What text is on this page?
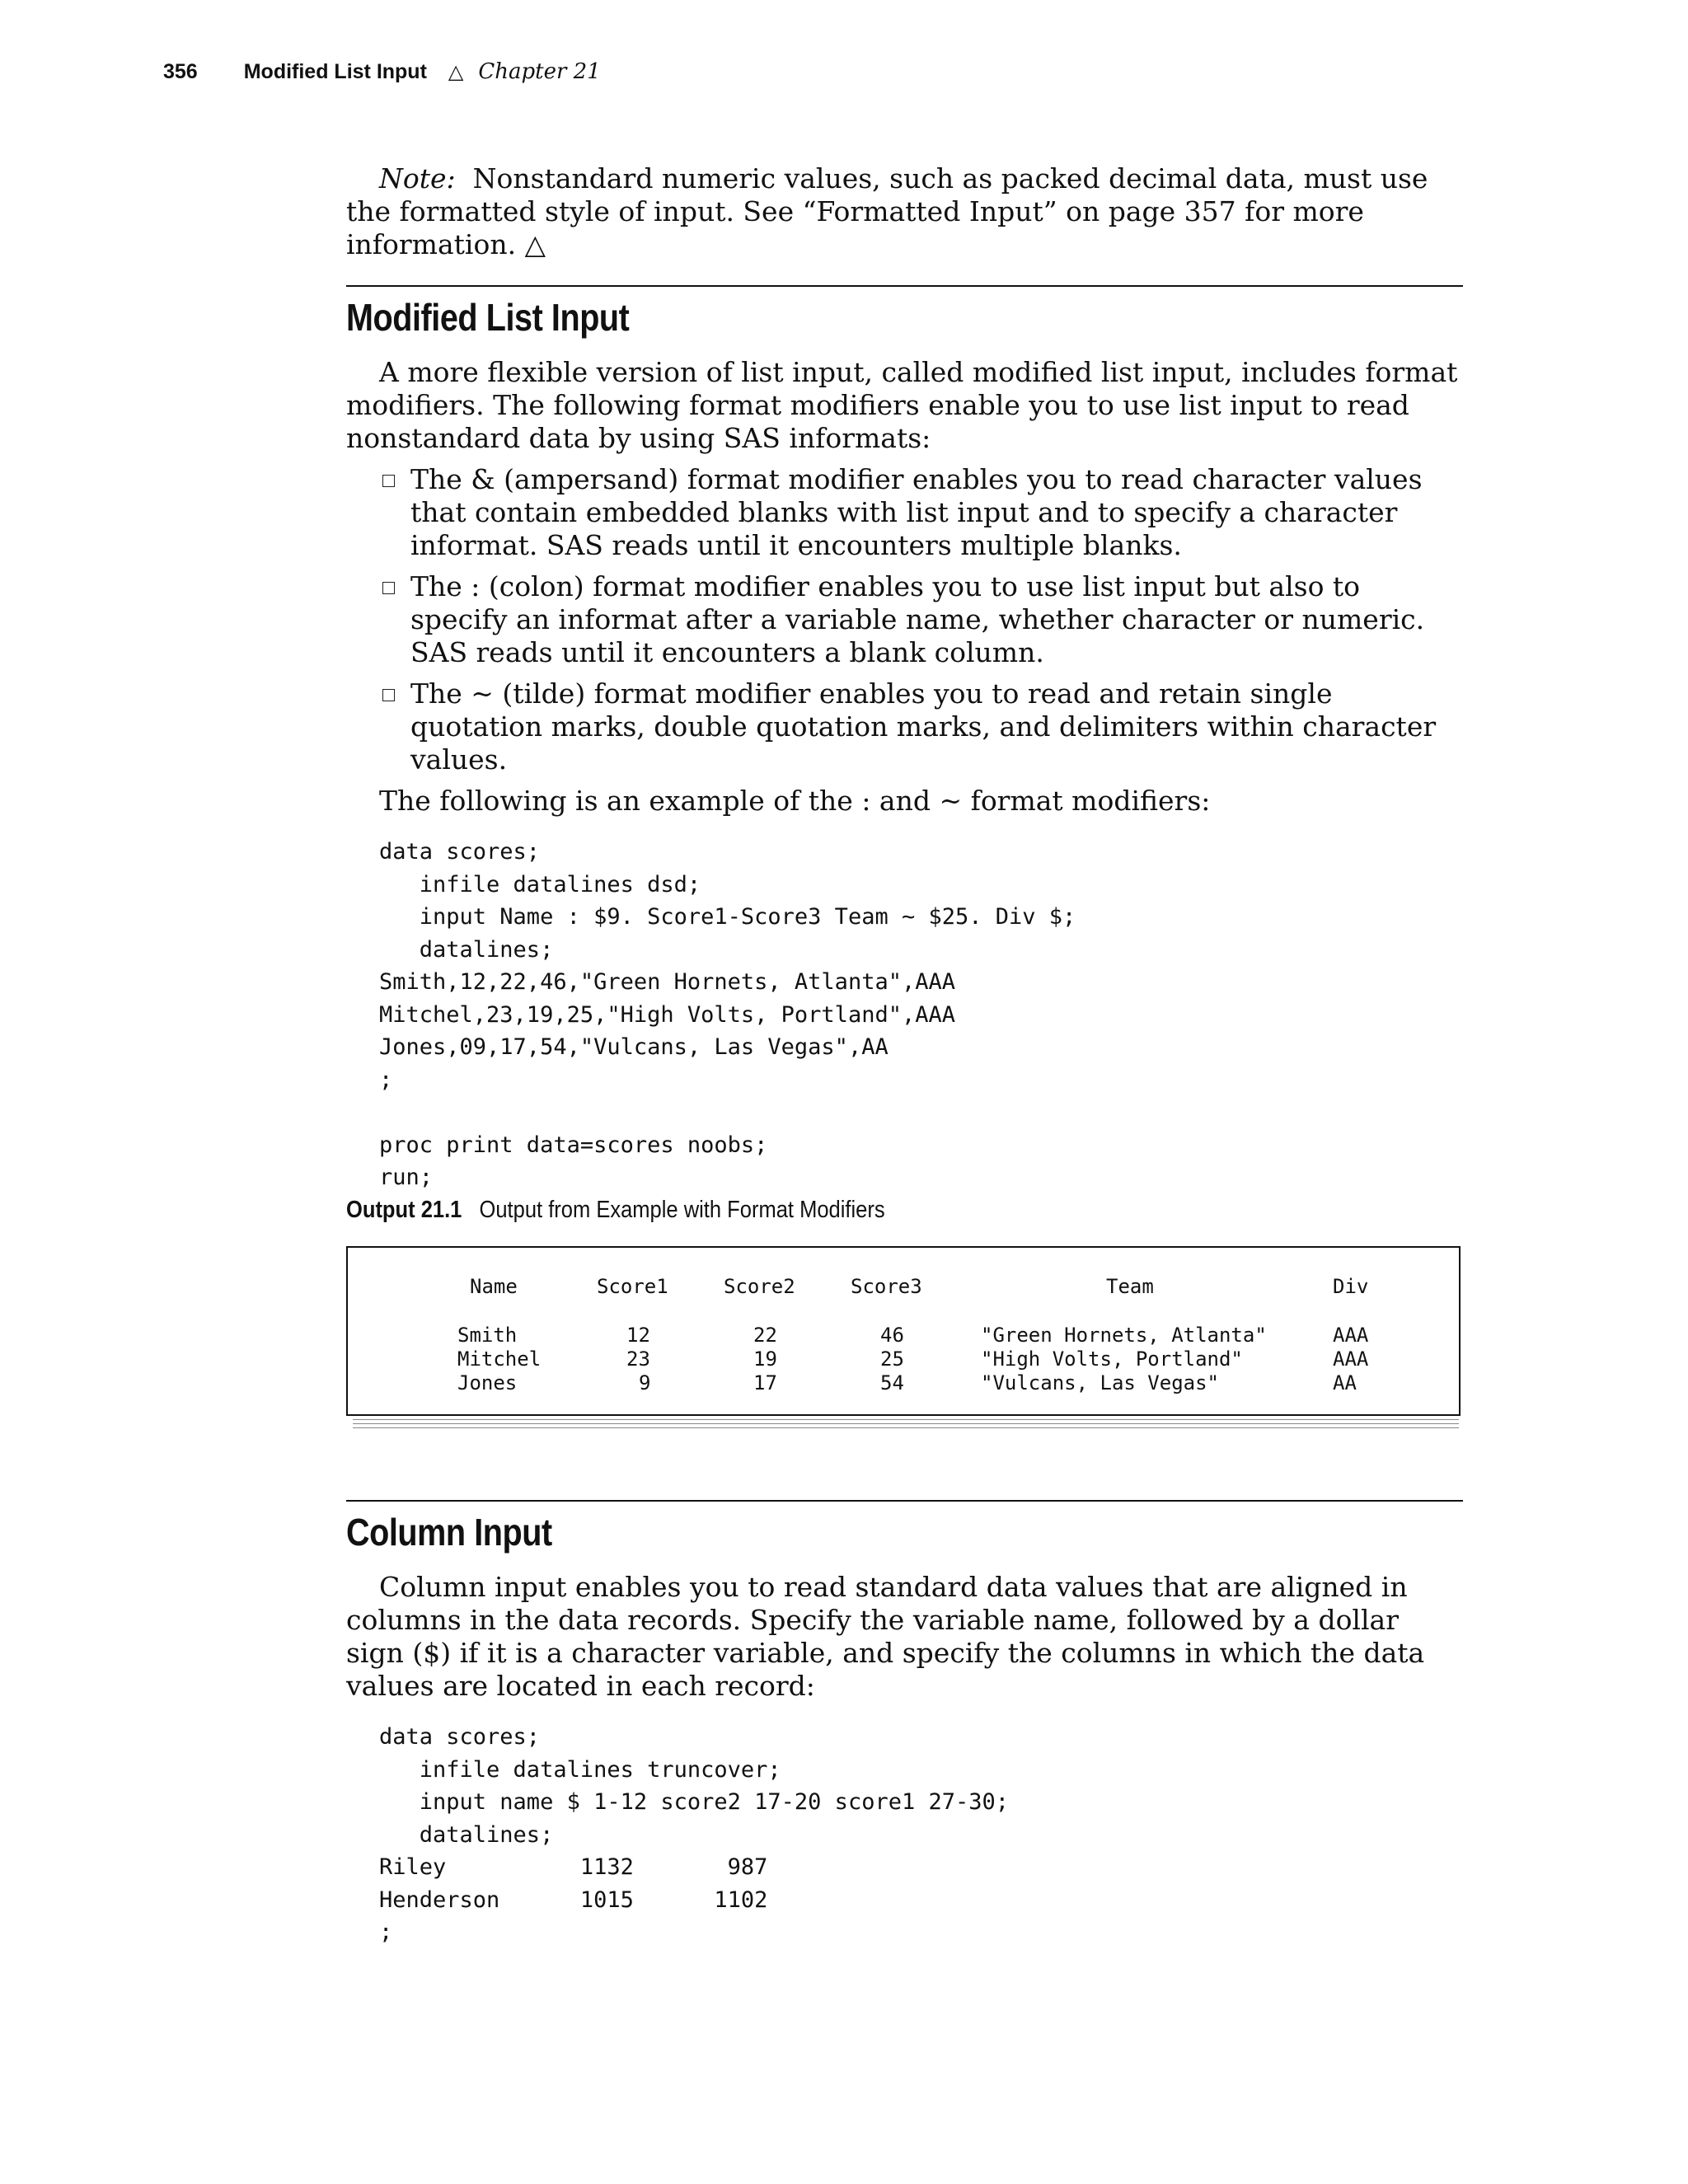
356 Modified List Input △ Chapter 21

Note: Nonstandard numeric values, such as packed decimal data, must use the formatted style of input. See “Formatted Input” on page 357 for more information. △

Modified List Input

A more flexible version of list input, called modified list input, includes format modifiers. The following format modifiers enable you to use list input to read nonstandard data by using SAS informats:

The & (ampersand) format modifier enables you to read character values that contain embedded blanks with list input and to specify a character informat. SAS reads until it encounters multiple blanks.
The : (colon) format modifier enables you to use list input but also to specify an informat after a variable name, whether character or numeric. SAS reads until it encounters a blank column.
The ~ (tilde) format modifier enables you to read and retain single quotation marks, double quotation marks, and delimiters within character values.

The following is an example of the : and ~ format modifiers:

data scores;
infile datalines dsd;
input Name : $9. Score1-Score3 Team ~ $25. Div $;
datalines;
Smith,12,22,46,"Green Hornets, Atlanta",AAA
Mitchel,23,19,25,"High Volts, Portland",AAA
Jones,09,17,54,"Vulcans, Las Vegas",AA
;

proc print data=scores noobs;
run;
Output 21.1 Output from Example with Format Modifiers
Name	Score1	Score2	Score3	Team	Div
Smith	12	22	46	"Green Hornets, Atlanta"	AAA
Mitchel	23	19	25	"High Volts, Portland"	AAA
Jones	9	17	54	"Vulcans, Las Vegas"	AA
Column Input

Column input enables you to read standard data values that are aligned in columns in the data records. Specify the variable name, followed by a dollar sign ($) if it is a character variable, and specify the columns in which the data values are located in each record:

data scores;
infile datalines truncover;
input name $ 1-12 score2 17-20 score1 27-30;
datalines;
Riley          1132       987
Henderson      1015      1102
;
